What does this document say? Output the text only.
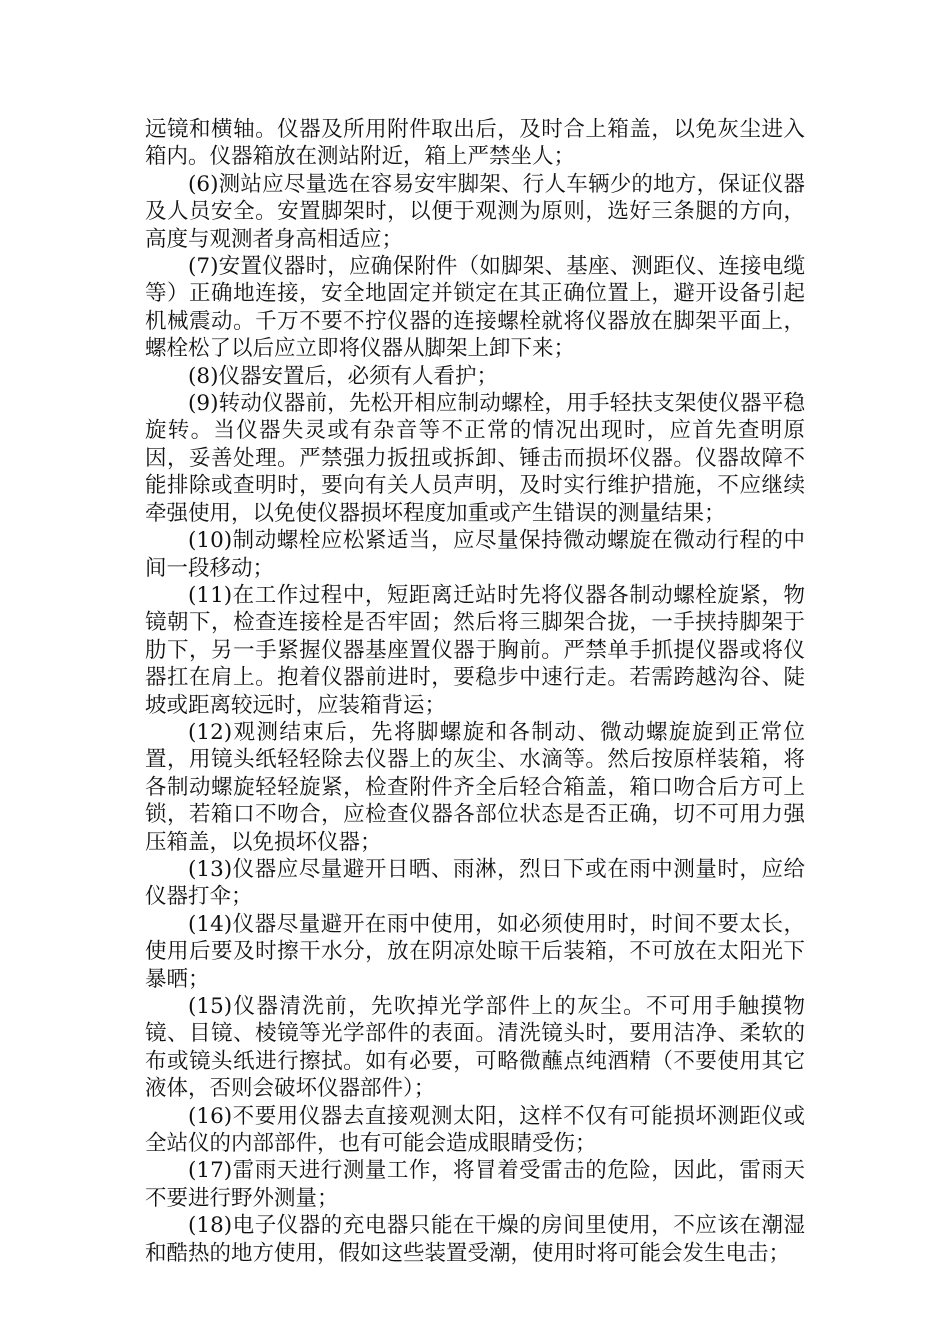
远镜和横轴。仪器及所用附件取出后，及时合上箱盖，以免灰尘进入箱内。仪器箱放在测站附近，箱上严禁坐人；

(6)测站应尽量选在容易安牢脚架、行人车辆少的地方，保证仪器及人员安全。安置脚架时，以便于观测为原则，选好三条腿的方向，高度与观测者身高相适应；

(7)安置仪器时，应确保附件（如脚架、基座、测距仪、连接电缆等）正确地连接，安全地固定并锁定在其正确位置上，避开设备引起机械震动。千万不要不拧仪器的连接螺栓就将仪器放在脚架平面上，螺栓松了以后应立即将仪器从脚架上卸下来；

(8)仪器安置后，必须有人看护；

(9)转动仪器前，先松开相应制动螺栓，用手轻扶支架使仪器平稳旋转。当仪器失灵或有杂音等不正常的情况出现时，应首先查明原因，妥善处理。严禁强力扳扭或拆卸、锤击而损坏仪器。仪器故障不能排除或查明时，要向有关人员声明，及时实行维护措施，不应继续牵强使用，以免使仪器损坏程度加重或产生错误的测量结果；

(10)制动螺栓应松紧适当，应尽量保持微动螺旋在微动行程的中间一段移动；

(11)在工作过程中，短距离迁站时先将仪器各制动螺栓旋紧，物镜朝下，检查连接栓是否牢固；然后将三脚架合拢，一手挟持脚架于肋下，另一手紧握仪器基座置仪器于胸前。严禁单手抓提仪器或将仪器扛在肩上。抱着仪器前进时，要稳步中速行走。若需跨越沟谷、陡坡或距离较远时，应装箱背运；

(12)观测结束后，先将脚螺旋和各制动、微动螺旋旋到正常位置，用镜头纸轻轻除去仪器上的灰尘、水滴等。然后按原样装箱，将各制动螺旋轻轻旋紧，检查附件齐全后轻合箱盖，箱口吻合后方可上锁，若箱口不吻合，应检查仪器各部位状态是否正确，切不可用力强压箱盖，以免损坏仪器；

(13)仪器应尽量避开日晒、雨淋，烈日下或在雨中测量时，应给仪器打伞；

(14)仪器尽量避开在雨中使用，如必须使用时，时间不要太长，使用后要及时擦干水分，放在阴凉处晾干后装箱，不可放在太阳光下暴晒；

(15)仪器清洗前，先吹掉光学部件上的灰尘。不可用手触摸物镜、目镜、棱镜等光学部件的表面。清洗镜头时，要用洁净、柔软的布或镜头纸进行擦拭。如有必要，可略微蘸点纯酒精（不要使用其它液体，否则会破坏仪器部件）；

(16)不要用仪器去直接观测太阳，这样不仅有可能损坏测距仪或全站仪的内部部件，也有可能会造成眼睛受伤；

(17)雷雨天进行测量工作，将冒着受雷击的危险，因此，雷雨天不要进行野外测量；

(18)电子仪器的充电器只能在干燥的房间里使用，不应该在潮湿和酷热的地方使用，假如这些装置受潮，使用时将可能会发生电击；
